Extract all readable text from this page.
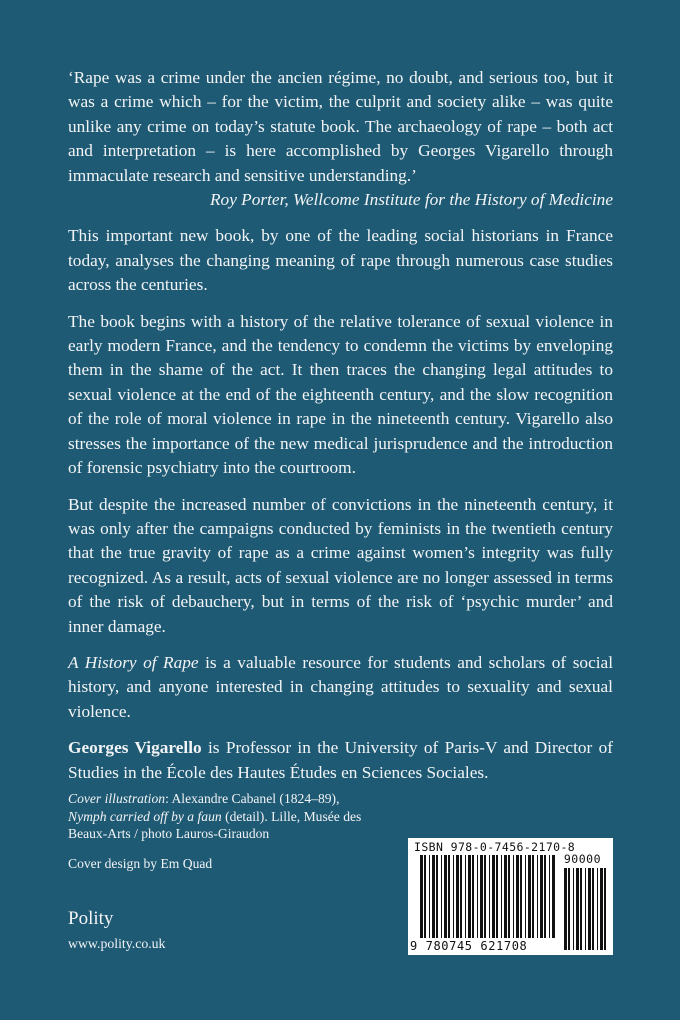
‘Rape was a crime under the ancien régime, no doubt, and serious too, but it was a crime which – for the victim, the culprit and society alike – was quite unlike any crime on today’s statute book. The archaeology of rape – both act and interpretation – is here accomplished by Georges Vigarello through immaculate research and sensitive understanding.’

Roy Porter, Wellcome Institute for the History of Medicine

This important new book, by one of the leading social historians in France today, analyses the changing meaning of rape through numerous case studies across the centuries.

The book begins with a history of the relative tolerance of sexual violence in early modern France, and the tendency to condemn the victims by enveloping them in the shame of the act. It then traces the changing legal attitudes to sexual violence at the end of the eighteenth century, and the slow recognition of the role of moral violence in rape in the nineteenth century. Vigarello also stresses the importance of the new medical jurisprudence and the introduction of forensic psychiatry into the courtroom.

But despite the increased number of convictions in the nineteenth century, it was only after the campaigns conducted by feminists in the twentieth century that the true gravity of rape as a crime against women’s integrity was fully recognized. As a result, acts of sexual violence are no longer assessed in terms of the risk of debauchery, but in terms of the risk of ‘psychic murder’ and inner damage.

A History of Rape is a valuable resource for students and scholars of social history, and anyone interested in changing attitudes to sexuality and sexual violence.

Georges Vigarello is Professor in the University of Paris-V and Director of Studies in the École des Hautes Études en Sciences Sociales.

Cover illustration: Alexandre Cabanel (1824–89), Nymph carried off by a faun (detail). Lille, Musée des Beaux-Arts / photo Lauros-Giraudon

Cover design by Em Quad

Polity
www.polity.co.uk
ISBN 978-0-7456-2170-8
90000
9 780745 621708
